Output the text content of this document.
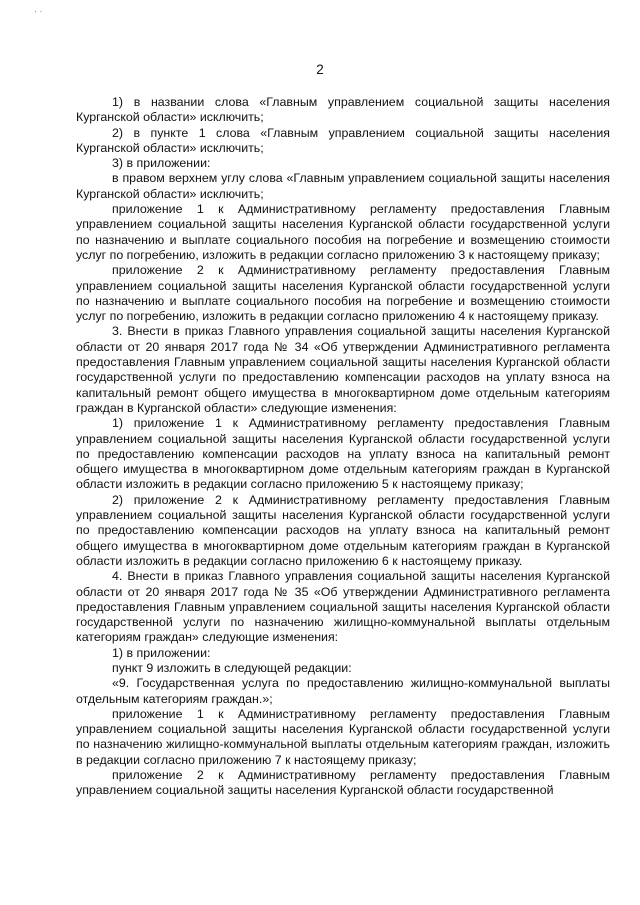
· ·
2

1) в названии слова «Главным управлением социальной защиты населения Курганской области» исключить;

2) в пункте 1 слова «Главным управлением социальной защиты населения Курганской области» исключить;

3) в приложении:

в правом верхнем углу слова «Главным управлением социальной защиты населения Курганской области» исключить;

приложение 1 к Административному регламенту предоставления Главным управлением социальной защиты населения Курганской области государственной услуги по назначению и выплате социального пособия на погребение и возмещению стоимости услуг по погребению, изложить в редакции согласно приложению 3 к настоящему приказу;

приложение 2 к Административному регламенту предоставления Главным управлением социальной защиты населения Курганской области государственной услуги по назначению и выплате социального пособия на погребение и возмещению стоимости услуг по погребению, изложить в редакции согласно приложению 4 к настоящему приказу.

3. Внести в приказ Главного управления социальной защиты населения Курганской области от 20 января 2017 года № 34 «Об утверждении Административного регламента предоставления Главным управлением социальной защиты населения Курганской области государственной услуги по предоставлению компенсации расходов на уплату взноса на капитальный ремонт общего имущества в многоквартирном доме отдельным категориям граждан в Курганской области» следующие изменения:

1) приложение 1 к Административному регламенту предоставления Главным управлением социальной защиты населения Курганской области государственной услуги по предоставлению компенсации расходов на уплату взноса на капитальный ремонт общего имущества в многоквартирном доме отдельным категориям граждан в Курганской области изложить в редакции согласно приложению 5 к настоящему приказу;

2) приложение 2 к Административному регламенту предоставления Главным управлением социальной защиты населения Курганской области государственной услуги по предоставлению компенсации расходов на уплату взноса на капитальный ремонт общего имущества в многоквартирном доме отдельным категориям граждан в Курганской области изложить в редакции согласно приложению 6 к настоящему приказу.

4. Внести в приказ Главного управления социальной защиты населения Курганской области от 20 января 2017 года № 35 «Об утверждении Административного регламента предоставления Главным управлением социальной защиты населения Курганской области государственной услуги по назначению жилищно-коммунальной выплаты отдельным категориям граждан» следующие изменения:

1) в приложении:

пункт 9 изложить в следующей редакции:

«9. Государственная услуга по предоставлению жилищно-коммунальной выплаты отдельным категориям граждан.»;

приложение 1 к Административному регламенту предоставления Главным управлением социальной защиты населения Курганской области государственной услуги по назначению жилищно-коммунальной выплаты отдельным категориям граждан, изложить в редакции согласно приложению 7 к настоящему приказу;

приложение 2 к Административному регламенту предоставления Главным управлением социальной защиты населения Курганской области государственной
